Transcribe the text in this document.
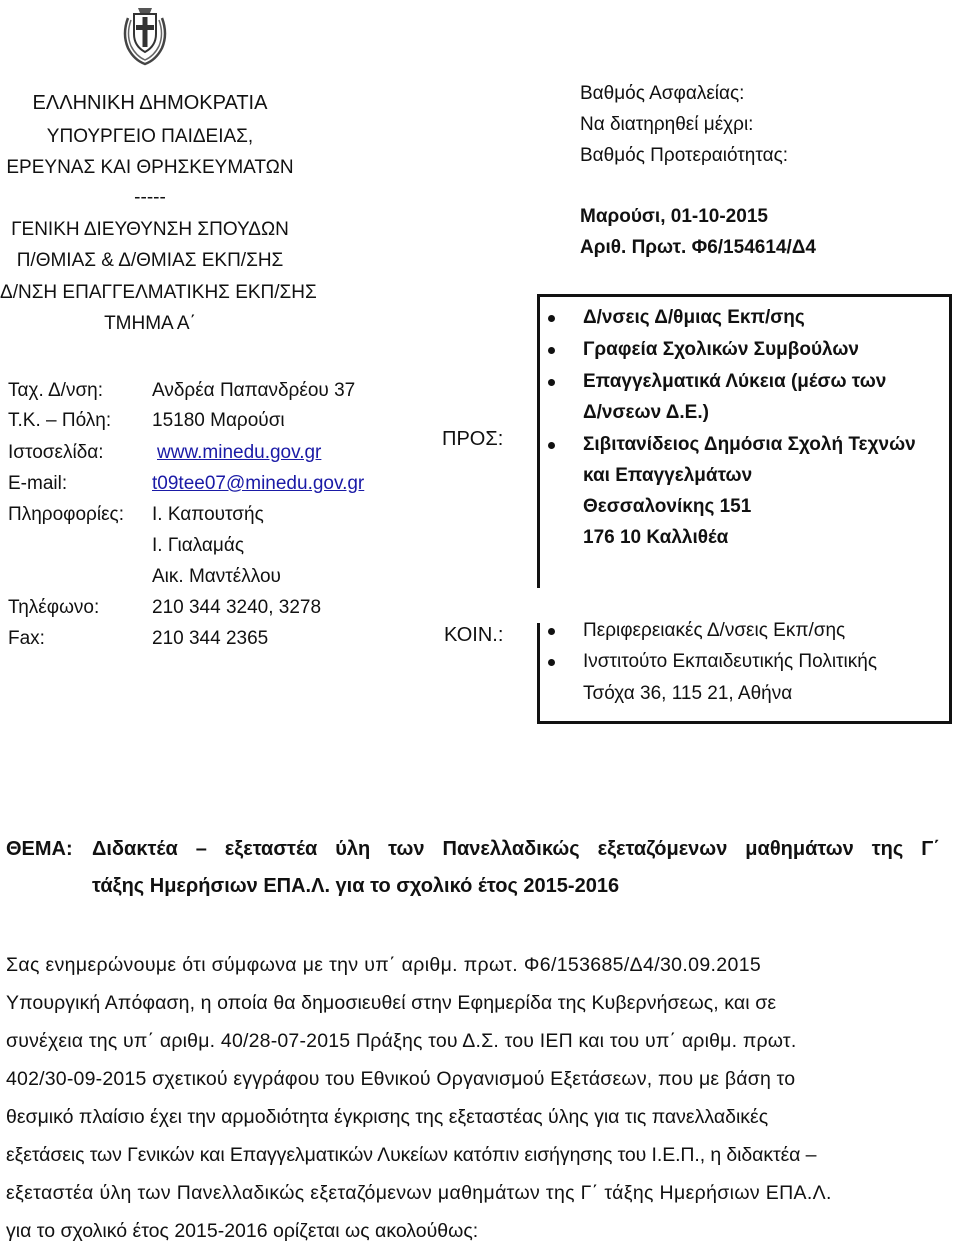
ΕΛΛΗΝΙΚΗ ΔΗΜΟΚΡΑΤΙΑ
ΥΠΟΥΡΓΕΙΟ ΠΑΙΔΕΙΑΣ,
ΕΡΕΥΝΑΣ ΚΑΙ ΘΡΗΣΚΕΥΜΑΤΩΝ
-----
ΓΕΝΙΚΗ ΔΙΕΥΘΥΝΣΗ ΣΠΟΥΔΩΝ
Π/ΘΜΙΑΣ & Δ/ΘΜΙΑΣ ΕΚΠ/ΣΗΣ
Δ/ΝΣΗ ΕΠΑΓΓΕΛΜΑΤΙΚΗΣ ΕΚΠ/ΣΗΣ
ΤΜΗΜΑ Α΄
Ταχ. Δ/νση:	Ανδρέα Παπανδρέου 37
Τ.Κ. – Πόλη: 15180 Μαρούσι
Ιστοσελίδα:	www.minedu.gov.gr
E-mail:	t09tee07@minedu.gov.gr
Πληροφορίες: Ι. Καπουτσής
Ι. Γιαλαμάς
Αικ. Μαντέλλου
Τηλέφωνο:	210 344 3240, 3278
Fax:	210 344 2365
Βαθμός Ασφαλείας:
Να διατηρηθεί μέχρι:
Βαθμός Προτεραιότητας:
Μαρούσι, 01-10-2015
Αριθ. Πρωτ. Φ6/154614/Δ4
ΠΡΟΣ:
ΚΟΙΝ.:
Δ/νσεις Δ/θμιας Εκπ/σης
Γραφεία Σχολικών Συμβούλων
Επαγγελματικά Λύκεια (μέσω των
Δ/νσεων Δ.Ε.)
Σιβιτανίδειος Δημόσια Σχολή Τεχνών
και Επαγγελμάτων
Θεσσαλονίκης 151
176 10 Καλλιθέα
Περιφερειακές Δ/νσεις Εκπ/σης
Ινστιτούτο Εκπαιδευτικής Πολιτικής
Τσόχα 36, 115 21, Αθήνα
ΘΕΜΑ: Διδακτέα – εξεταστέα ύλη των Πανελλαδικώς εξεταζόμενων μαθημάτων της Γ΄
τάξης Ημερήσιων ΕΠΑ.Λ. για το σχολικό έτος 2015-2016
Σας ενημερώνουμε ότι σύμφωνα με την υπ΄ αριθμ. πρωτ. Φ6/153685/Δ4/30.09.2015
Υπουργική Απόφαση, η οποία θα δημοσιευθεί στην Εφημερίδα της Κυβερνήσεως, και σε
συνέχεια της υπ΄ αριθμ. 40/28-07-2015 Πράξης του Δ.Σ. του ΙΕΠ και του υπ΄ αριθμ. πρωτ.
402/30-09-2015 σχετικού εγγράφου του Εθνικού Οργανισμού Εξετάσεων, που με βάση το
θεσμικό πλαίσιο έχει την αρμοδιότητα έγκρισης της εξεταστέας ύλης για τις πανελλαδικές
εξετάσεις των Γενικών και Επαγγελματικών Λυκείων κατόπιν εισήγησης του Ι.Ε.Π., η διδακτέα –
εξεταστέα ύλη των Πανελλαδικώς εξεταζόμενων μαθημάτων της Γ΄ τάξης Ημερήσιων ΕΠΑ.Λ.
για το σχολικό έτος 2015-2016 ορίζεται ως ακολούθως:
